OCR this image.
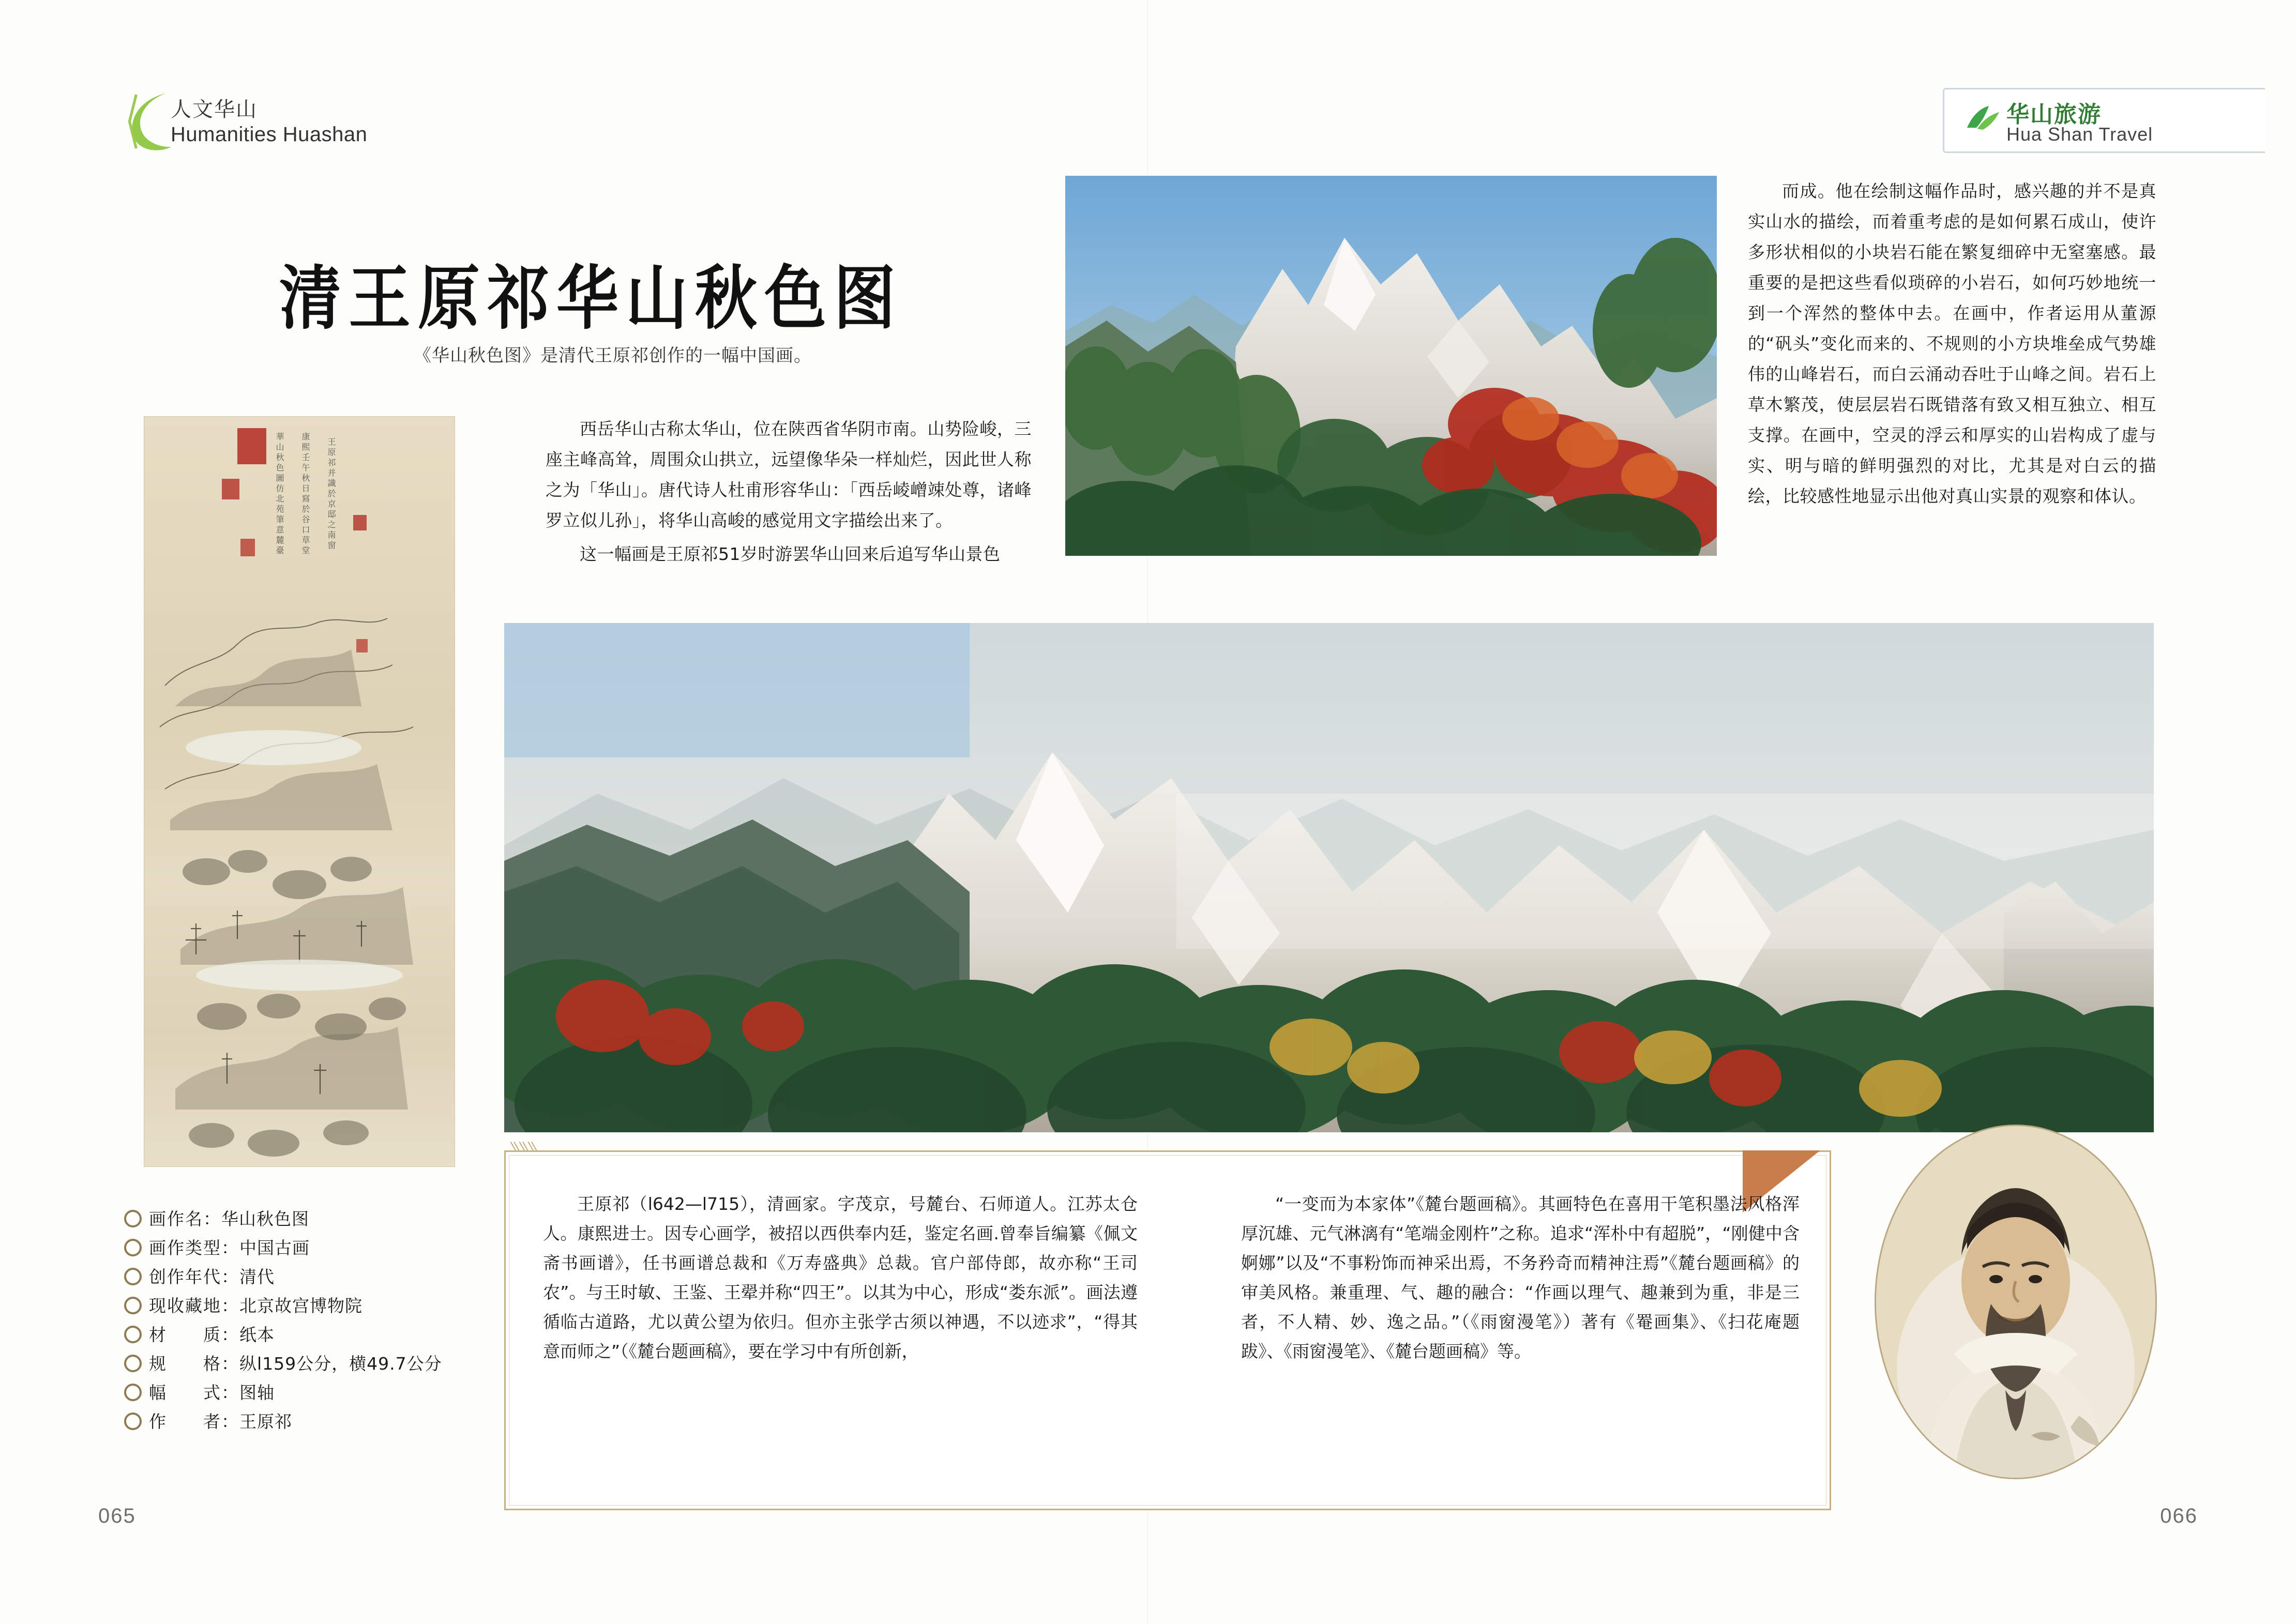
人文华山
Humanities Huashan
华山旅游
Hua Shan Travel
清王原祁华山秋色图
《华山秋色图》是清代王原祁创作的一幅中国画。
華山秋色圖仿北苑筆意麓臺 康熙壬午秋日寫於谷口草堂 王原祁并識於京邸之南窗

西岳华山古称太华山，位在陕西省华阴市南。山势险峻，三座主峰高耸，周围众山拱立，远望像华朵一样灿烂，因此世人称之为「华山」。唐代诗人杜甫形容华山：「西岳崚嶒竦处尊，诸峰罗立似儿孙」，将华山高峻的感觉用文字描绘出来了。

这一幅画是王原祁51岁时游罢华山回来后追写华山景色

而成。他在绘制这幅作品时，感兴趣的并不是真实山水的描绘，而着重考虑的是如何累石成山，使许多形状相似的小块岩石能在繁复细碎中无窒塞感。最重要的是把这些看似琐碎的小岩石，如何巧妙地统一到一个浑然的整体中去。在画中，作者运用从董源的“矾头”变化而来的、不规则的小方块堆垒成气势雄伟的山峰岩石，而白云涌动吞吐于山峰之间。岩石上草木繁茂，使层层岩石既错落有致又相互独立、相互支撑。在画中，空灵的浮云和厚实的山岩构成了虚与实、明与暗的鲜明强烈的对比，尤其是对白云的描绘，比较感性地显示出他对真山实景的观察和体认。

画作名： 华山秋色图
画作类型： 中国古画
创作年代： 清代
现收藏地： 北京故宫博物院
材　　质： 纸本
规　　格： 纵l159公分，横49.7公分
幅　　式： 图轴
作　　者： 王原祁

王原祁（l642—l715），清画家。字茂京，号麓台、石师道人。江苏太仓人。康熙进士。因专心画学，被招以西供奉内廷，鉴定名画.曾奉旨编纂《佩文斋书画谱》，任书画谱总裁和《万寿盛典》总裁。官户部侍郎，故亦称“王司农”。与王时敏、王鉴、王翚并称“四王”。以其为中心，形成“娄东派”。画法遵循临古道路，尤以黄公望为依归。但亦主张学古须以神遇，不以迹求”，“得其意而师之”（《麓台题画稿》，要在学习中有所创新，

“一变而为本家体”《麓台题画稿》。其画特色在喜用干笔积墨法风格浑厚沉雄、元气淋漓有“笔端金刚杵”之称。追求“浑朴中有超脱”，“刚健中含婀娜”以及“不事粉饰而神采出焉，不务矜奇而精神注焉”《麓台题画稿》的审美风格。兼重理、气、趣的融合：“作画以理气、趣兼到为重，非是三者，不人精、妙、逸之品。”（《雨窗漫笔》）著有《罨画集》、《扫花庵题跋》、《雨窗漫笔》、《麓台题画稿》等。

065	066
